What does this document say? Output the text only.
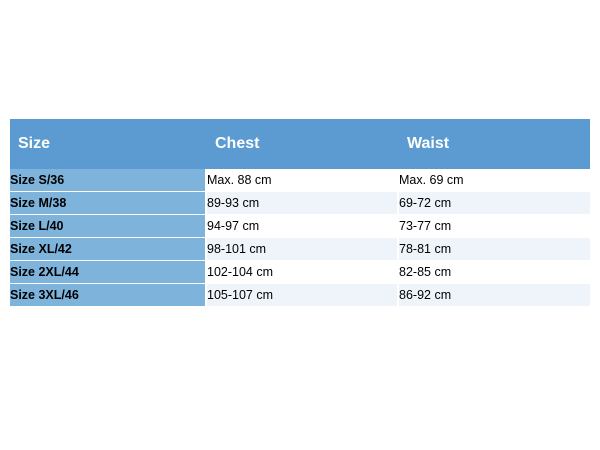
Size	Chest	Waist
Size S/36	Max. 88 cm	Max. 69 cm
Size M/38	89-93 cm	69-72 cm
Size L/40	94-97 cm	73-77 cm
Size XL/42	98-101 cm	78-81 cm
Size 2XL/44	102-104 cm	82-85 cm
Size 3XL/46	105-107 cm	86-92 cm
